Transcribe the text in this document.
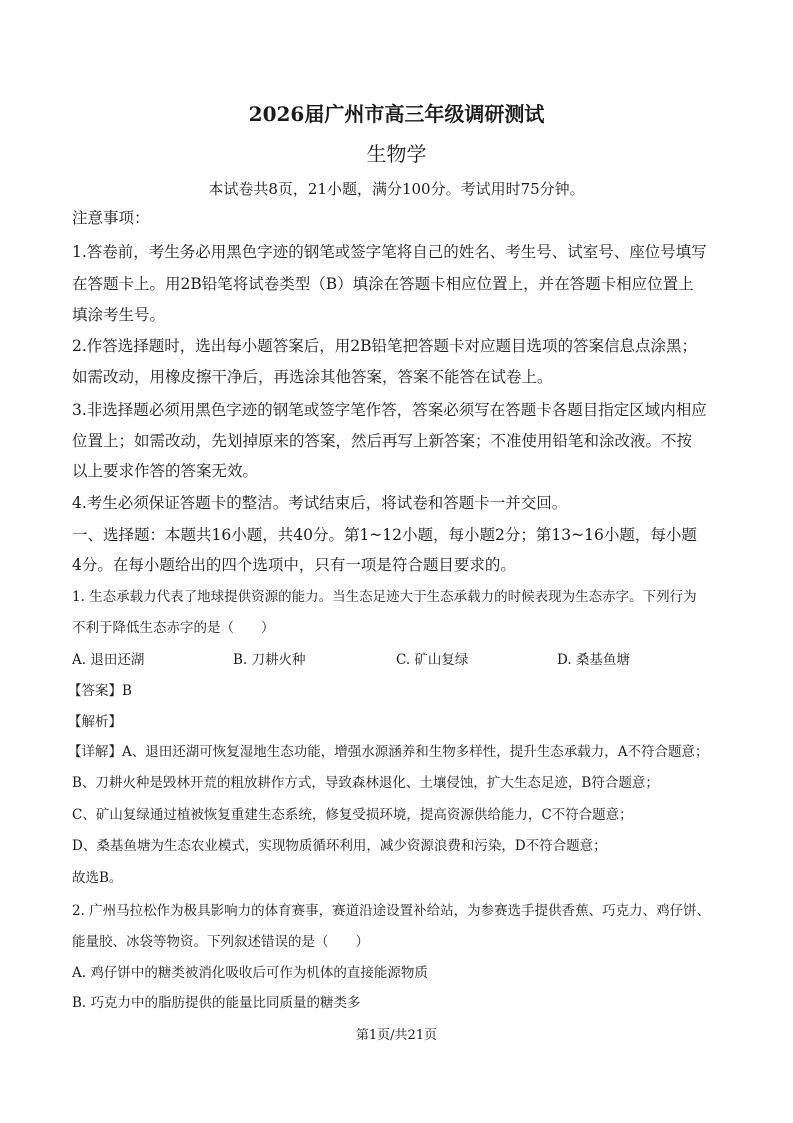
2026届广州市高三年级调研测试
生物学
本试卷共8页，21小题，满分100分。考试用时75分钟。
注意事项：
1.答卷前，考生务必用黑色字迹的钢笔或签字笔将自己的姓名、考生号、试室号、座位号填写
在答题卡上。用2B铅笔将试卷类型（B）填涂在答题卡相应位置上，并在答题卡相应位置上
填涂考生号。
2.作答选择题时，选出每小题答案后，用2B铅笔把答题卡对应题目选项的答案信息点涂黑；
如需改动，用橡皮擦干净后，再选涂其他答案，答案不能答在试卷上。
3.非选择题必须用黑色字迹的钢笔或签字笔作答，答案必须写在答题卡各题目指定区域内相应
位置上；如需改动，先划掉原来的答案，然后再写上新答案；不准使用铅笔和涂改液。不按
以上要求作答的答案无效。
4.考生必须保证答题卡的整洁。考试结束后，将试卷和答题卡一并交回。
一、选择题：本题共16小题，共40分。第1~12小题，每小题2分；第13~16小题，每小题
4分。在每小题给出的四个选项中，只有一项是符合题目要求的。
1. 生态承载力代表了地球提供资源的能力。当生态足迹大于生态承载力的时候表现为生态赤字。下列行为
不利于降低生态赤字的是（　　）
A. 退田还湖	B. 刀耕火种	C. 矿山复绿	D. 桑基鱼塘
【答案】B
【解析】
【详解】A、退田还湖可恢复湿地生态功能，增强水源涵养和生物多样性，提升生态承载力，A不符合题意；
B、刀耕火种是毁林开荒的粗放耕作方式，导致森林退化、土壤侵蚀，扩大生态足迹，B符合题意；
C、矿山复绿通过植被恢复重建生态系统，修复受损环境，提高资源供给能力，C不符合题意；
D、桑基鱼塘为生态农业模式，实现物质循环利用，减少资源浪费和污染，D不符合题意；
故选B。
2. 广州马拉松作为极具影响力的体育赛事，赛道沿途设置补给站，为参赛选手提供香蕉、巧克力、鸡仔饼、
能量胶、冰袋等物资。下列叙述错误的是（　　）
A. 鸡仔饼中的糖类被消化吸收后可作为机体的直接能源物质
B. 巧克力中的脂肪提供的能量比同质量的糖类多
第1页/共21页
